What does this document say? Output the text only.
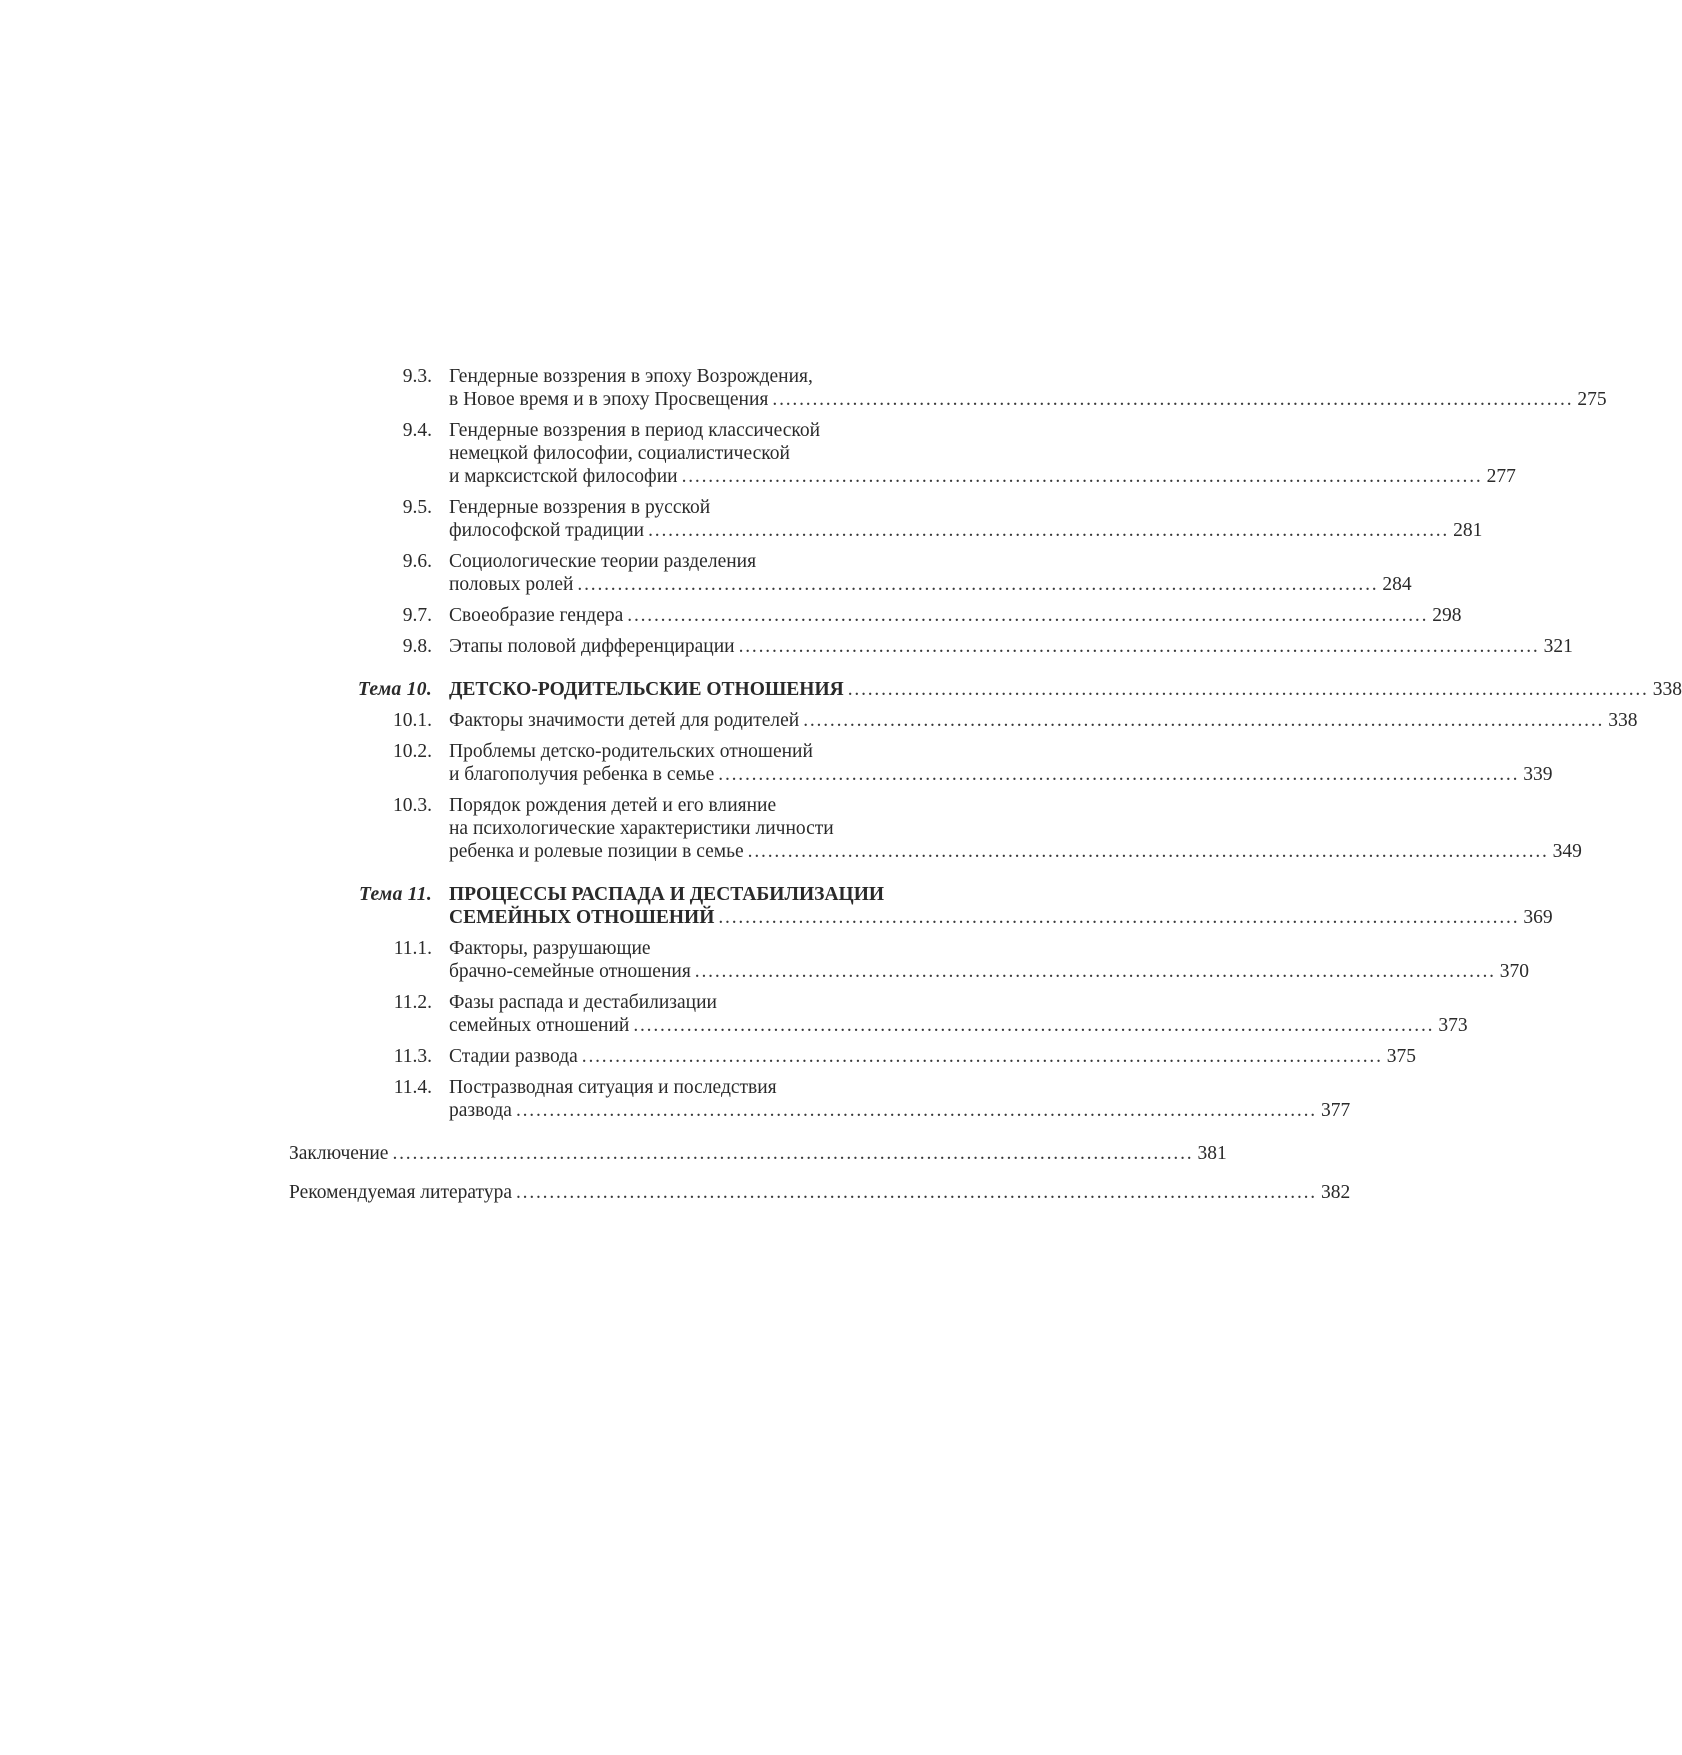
9.3. Гендерные воззрения в эпоху Возрождения,
в Новое время и в эпоху Просвещения ........................................................................................................................ 275
9.4. Гендерные воззрения в период классической
немецкой философии, социалистической
и марксистской философии ........................................................................................................................ 277
9.5. Гендерные воззрения в русской
философской традиции ........................................................................................................................ 281
9.6. Социологические теории разделения
половых ролей ........................................................................................................................ 284
9.7. Своеобразие гендера ........................................................................................................................ 298
9.8. Этапы половой дифференцирации ........................................................................................................................ 321
Тема 10. ДЕТСКО-РОДИТЕЛЬСКИЕ ОТНОШЕНИЯ ........................................................................................................................ 338
10.1. Факторы значимости детей для родителей ........................................................................................................................ 338
10.2. Проблемы детско-родительских отношений
и благополучия ребенка в семье ........................................................................................................................ 339
10.3. Порядок рождения детей и его влияние
на психологические характеристики личности
ребенка и ролевые позиции в семье ........................................................................................................................ 349
Тема 11. ПРОЦЕССЫ РАСПАДА И ДЕСТАБИЛИЗАЦИИ
СЕМЕЙНЫХ ОТНОШЕНИЙ ........................................................................................................................ 369
11.1. Факторы, разрушающие
брачно-семейные отношения ........................................................................................................................ 370
11.2. Фазы распада и дестабилизации
семейных отношений ........................................................................................................................ 373
11.3. Стадии развода ........................................................................................................................ 375
11.4. Постразводная ситуация и последствия
развода ........................................................................................................................ 377
Заключение ........................................................................................................................ 381
Рекомендуемая литература ........................................................................................................................ 382
